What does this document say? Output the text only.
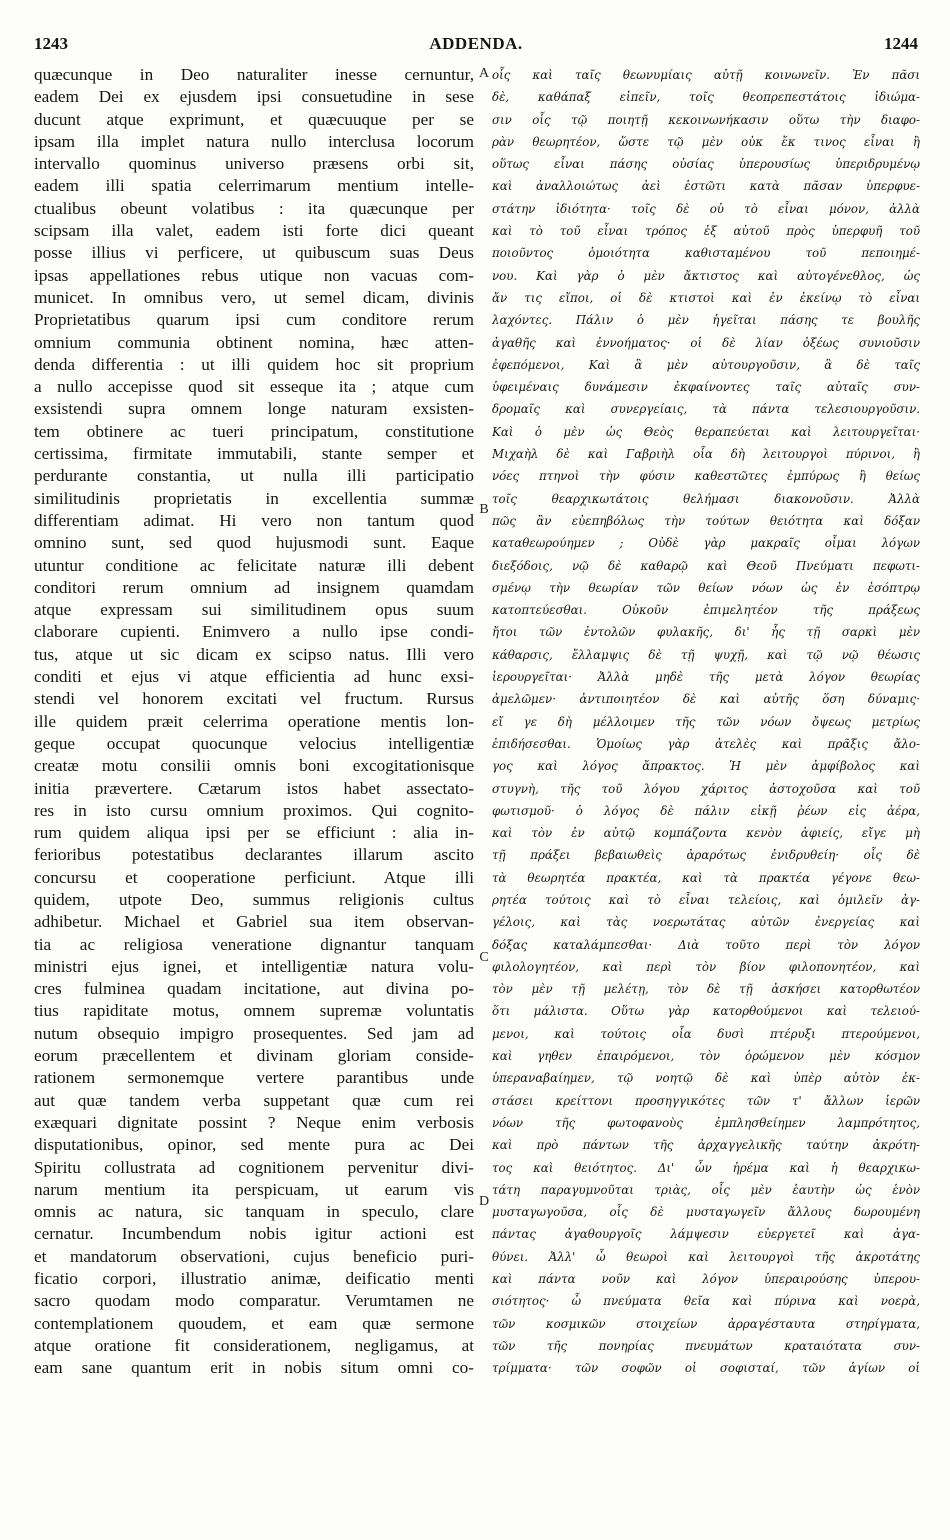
1243	ADDENDA.	1244
quæcunque in Deo naturaliter inesse cernuntur,
eadem Dei ex ejusdem ipsi consuetudine in sese
ducunt atque exprimunt, et quæcuuque per se
ipsam illa implet natura nullo interclusa locorum
intervallo quominus universo præsens orbi sit,
eadem illi spatia celerrimarum mentium intelle-
ctualibus obeunt volatibus : ita quæcunque per
scipsam illa valet, eadem isti forte dici queant
posse illius vi perficere, ut quibuscum suas Deus
ipsas appellationes rebus utique non vacuas com-
municet. In omnibus vero, ut semel dicam, divinis
Proprietatibus quarum ipsi cum conditore rerum
omnium communia obtinent nomina, hæc atten-
denda differentia : ut illi quidem hoc sit proprium
a nullo accepisse quod sit esseque ita ; atque cum
exsistendi supra omnem longe naturam exsisten-
tem obtinere ac tueri principatum, constitutione
certissima, firmitate immutabili, stante semper et
perdurante constantia, ut nulla illi participatio
similitudinis proprietatis in excellentia summæ
differentiam adimat. Hi vero non tantum quod
omnino sunt, sed quod hujusmodi sunt. Eaque
utuntur conditione ac felicitate naturæ illi debent
conditori rerum omnium ad insignem quamdam
atque expressam sui similitudinem opus suum
claborare cupienti. Enimvero a nullo ipse condi-
tus, atque ut sic dicam ex scipso natus. Illi vero
conditi et ejus vi atque efficientia ad hunc exsi-
stendi vel honorem excitati vel fructum. Rursus
ille quidem præit celerrima operatione mentis lon-
geque occupat quocunque velocius intelligentiæ
creatæ motu consilii omnis boni excogitationisque
initia prævertere. Cætarum istos habet assectato-
res in isto cursu omnium proximos. Qui cognito-
rum quidem aliqua ipsi per se efficiunt : alia in-
ferioribus potestatibus declarantes illarum ascito
concursu et cooperatione perficiunt. Atque illi
quidem, utpote Deo, summus religionis cultus
adhibetur. Michael et Gabriel sua item observan-
tia ac religiosa veneratione dignantur tanquam
ministri ejus ignei, et intelligentiæ natura volu-
cres fulminea quadam incitatione, aut divina po-
tius rapiditate motus, omnem supremæ voluntatis
nutum obsequio impigro prosequentes. Sed jam ad
eorum præcellentem et divinam gloriam conside-
rationem sermonemque vertere parantibus unde
aut quæ tandem verba suppetant quæ cum rei
exæquari dignitate possint ? Neque enim verbosis
disputationibus, opinor, sed mente pura ac Dei
Spiritu collustrata ad cognitionem pervenitur divi-
narum mentium ita perspicuam, ut earum vis
omnis ac natura, sic tanquam in speculo, clare
cernatur. Incumbendum nobis igitur actioni est
et mandatorum observationi, cujus beneficio puri-
ficatio corpori, illustratio animæ, deificatio menti
sacro quodam modo comparatur. Verumtamen ne
contemplationem quoudem, et eam quæ sermone
atque oratione fit considerationem, negligamus, at
eam sane quantum erit in nobis situm omni co-
A
B
C
D
οἷς καὶ ταῖς θεωνυμίαις αὐτῇ κοινωνεῖν. Ἐν πᾶσι
δὲ, καθάπαξ εἰπεῖν, τοῖς θεοπρεπεστάτοις ἰδιώμα-
σιν οἷς τῷ ποιητῇ κεκοινωνήκασιν οὕτω τὴν διαφο-
ρὰν θεωρητέον, ὥστε τῷ μὲν οὐκ ἔκ τινος εἶναι ἢ
οὕτως εἶναι πάσης οὐσίας ὑπερουσίως ὑπεριδρυμένῳ
καὶ ἀναλλοιώτως ἀεὶ ἑστῶτι κατὰ πᾶσαν ὑπερφυε-
στάτην ἰδιότητα· τοῖς δὲ οὐ τὸ εἶναι μόνον, ἀλλὰ
καὶ τὸ τοῦ εἶναι τρόπος ἐξ αὐτοῦ πρὸς ὑπερφυῆ τοῦ
ποιοῦντος ὁμοιότητα καθισταμένου τοῦ πεποιημέ-
νου. Καὶ γὰρ ὁ μὲν ἄκτιστος καὶ αὐτογένεθλος, ὡς
ἄν τις εἴποι, οἱ δὲ κτιστοὶ καὶ ἐν ἐκείνῳ τὸ εἶναι
λαχόντες. Πάλιν ὁ μὲν ἡγεῖται πάσης τε βουλῆς
ἀγαθῆς καὶ ἐννοήματος· οἱ δὲ λίαν ὀξέως συνιοῦσιν
ἐφεπόμενοι, Καὶ ἃ μὲν αὐτουργοῦσιν, ἃ δὲ ταῖς
ὑφειμέναις δυνάμεσιν ἐκφαίνοντες ταῖς αὐταῖς συν-
δρομαῖς καὶ συνεργείαις, τὰ πάντα τελεσιουργοῦσιν.
Καὶ ὁ μὲν ὡς Θεὸς θεραπεύεται καὶ λειτουργεῖται·
Μιχαὴλ δὲ καὶ Γαβριὴλ οἷα δὴ λειτουργοὶ πύρινοι, ἢ
νόες πτηνοὶ τὴν φύσιν καθεστῶτες ἐμπύρως ἢ θείως
τοῖς θεαρχικωτάτοις θελήμασι διακονοῦσιν. Ἀλλὰ
πῶς ἂν εὐεπηβόλως τὴν τούτων θειότητα καὶ δόξαν
καταθεωρούημεν ; Οὐδὲ γὰρ μακραῖς οἶμαι λόγων
διεξόδοις, νῷ δὲ καθαρῷ καὶ Θεοῦ Πνεύματι πεφωτι-
σμένῳ τὴν θεωρίαν τῶν θείων νόων ὡς ἐν ἐσόπτρῳ
κατοπτεύεσθαι. Οὐκοῦν ἐπιμελητέον τῆς πράξεως
ἤτοι τῶν ἐντολῶν φυλακῆς, δι' ἧς τῇ σαρκὶ μὲν
κάθαρσις, ἔλλαμψις δὲ τῇ ψυχῇ, καὶ τῷ νῷ θέωσις
ἱερουργεῖται· Ἀλλὰ μηδὲ τῆς μετὰ λόγον θεωρίας
ἀμελῶμεν· ἀντιποιητέον δὲ καὶ αὐτῆς ὅση δύναμις·
εἴ γε δὴ μέλλοιμεν τῆς τῶν νόων ὄψεως μετρίως
ἐπιδήσεσθαι. Ὁμοίως γὰρ ἀτελὲς καὶ πρᾶξις ἄλο-
γος καὶ λόγος ἄπρακτος. Ἡ μὲν ἀμφίβολος καὶ
στυγνὴ, τῆς τοῦ λόγου χάριτος ἀστοχοῦσα καὶ τοῦ
φωτισμοῦ· ὁ λόγος δὲ πάλιν εἰκῇ ῥέων εἰς ἀέρα,
καὶ τὸν ἐν αὐτῷ κομπάζοντα κενὸν ἀφιείς, εἴγε μὴ
τῇ πράξει βεβαιωθεὶς ἀραρότως ἐνιδρυθείη· οἷς δὲ
τὰ θεωρητέα πρακτέα, καὶ τὰ πρακτέα γέγονε θεω-
ρητέα τούτοις καὶ τὸ εἶναι τελείοις, καὶ ὁμιλεῖν ἀγ-
γέλοις, καὶ τὰς νοερωτάτας αὐτῶν ἐνεργείας καὶ
δόξας καταλάμπεσθαι· Διὰ τοῦτο περὶ τὸν λόγον
φιλολογητέον, καὶ περὶ τὸν βίον φιλοπονητέον, καὶ
τὸν μὲν τῇ μελέτῃ, τὸν δὲ τῇ ἀσκήσει κατορθωτέον
ὅτι μάλιστα. Οὕτω γὰρ κατορθούμενοι καὶ τελειού-
μενοι, καὶ τούτοις οἷα δυσὶ πτέρυξι πτερούμενοι,
καὶ γηθεν ἐπαιρόμενοι, τὸν ὁρώμενον μὲν κόσμον
ὑπεραναβαίημεν, τῷ νοητῷ δὲ καὶ ὑπὲρ αὐτὸν ἐκ-
στάσει κρείττονι προσηγγικότες τῶν τ' ἄλλων ἱερῶν
νόων τῆς φωτοφανοὺς ἐμπλησθείημεν λαμπρότητος,
καὶ πρὸ πάντων τῆς ἀρχαγγελικῆς ταύτην ἀκρότη-
τος καὶ θειότητος. Δι' ὧν ἠρέμα καὶ ἡ θεαρχικω-
τάτη παραγυμνοῦται τριὰς, οἷς μὲν ἑαυτὴν ὡς ἑνὸν
μυσταγωγοῦσα, οἷς δὲ μυσταγωγεῖν ἄλλους δωρουμένη
πάντας ἀγαθουργοῖς λάμψεσιν εὐεργετεῖ καὶ ἀγα-
θύνει. Ἀλλ' ὦ θεωροὶ καὶ λειτουργοὶ τῆς ἀκροτάτης
καὶ πάντα νοῦν καὶ λόγον ὑπεραιρούσης ὑπερου-
σιότητος· ὦ πνεύματα θεῖα καὶ πύρινα καὶ νοερὰ,
τῶν κοσμικῶν στοιχείων ἀρραγέσταυτα στηρίγματα,
τῶν τῆς πονηρίας πνευμάτων κραταιότατα συν-
τρίμματα· τῶν σοφῶν οἱ σοφισταί, τῶν ἁγίων οἱ
